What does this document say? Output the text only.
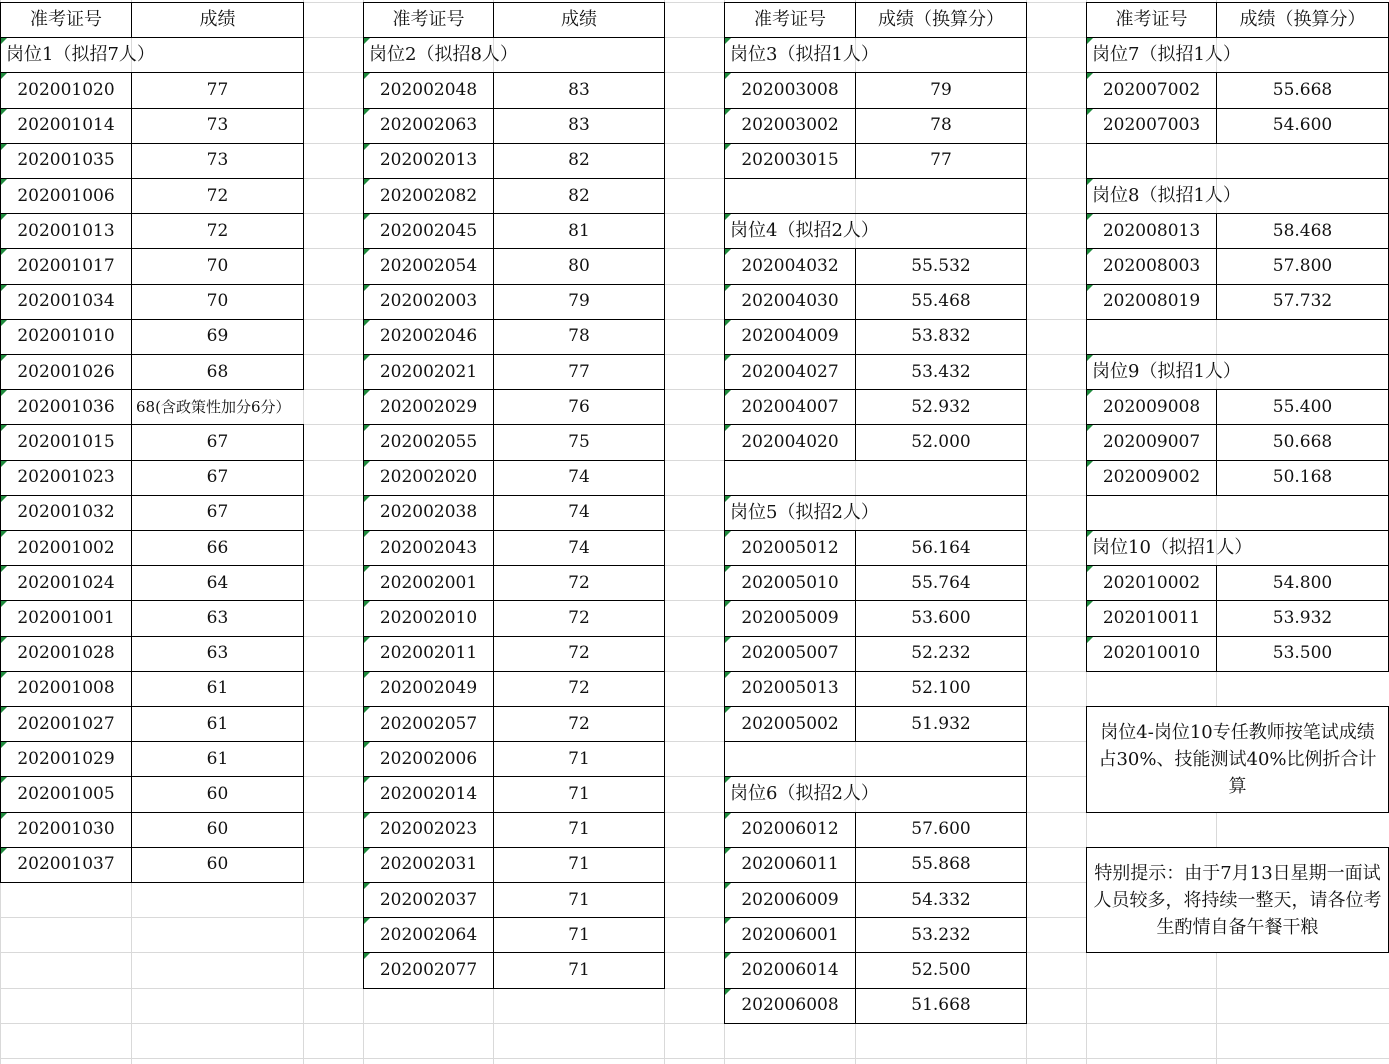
准考证号	成绩
岗位1（拟招7人）
202001020	77
202001014	73
202001035	73
202001006	72
202001013	72
202001017	70
202001034	70
202001010	69
202001026	68
202001036	68(含政策性加分6分）
202001015	67
202001023	67
202001032	67
202001002	66
202001024	64
202001001	63
202001028	63
202001008	61
202001027	61
202001029	61
202001005	60
202001030	60
202001037	60
准考证号	成绩
岗位2（拟招8人）
202002048	83
202002063	83
202002013	82
202002082	82
202002045	81
202002054	80
202002003	79
202002046	78
202002021	77
202002029	76
202002055	75
202002020	74
202002038	74
202002043	74
202002001	72
202002010	72
202002011	72
202002049	72
202002057	72
202002006	71
202002014	71
202002023	71
202002031	71
202002037	71
202002064	71
202002077	71
准考证号	成绩（换算分）
岗位3（拟招1人）
202003008	79
202003002	78
202003015	77
岗位4（拟招2人）
202004032	55.532
202004030	55.468
202004009	53.832
202004027	53.432
202004007	52.932
202004020	52.000
岗位5（拟招2人）
202005012	56.164
202005010	55.764
202005009	53.600
202005007	52.232
202005013	52.100
202005002	51.932
岗位6（拟招2人）
202006012	57.600
202006011	55.868
202006009	54.332
202006001	53.232
202006014	52.500
202006008	51.668
准考证号	成绩（换算分）
岗位7（拟招1人）
202007002	55.668
202007003	54.600
岗位8（拟招1人）
202008013	58.468
202008003	57.800
202008019	57.732
岗位9（拟招1人）
202009008	55.400
202009007	50.668
202009002	50.168
岗位10（拟招1人）
202010002	54.800
202010011	53.932
202010010	53.500
岗位4-岗位10专任教师按笔试成绩占30%、技能测试40%比例折合计算
特别提示：由于7月13日星期一面试人员较多，将持续一整天，请各位考生酌情自备午餐干粮
